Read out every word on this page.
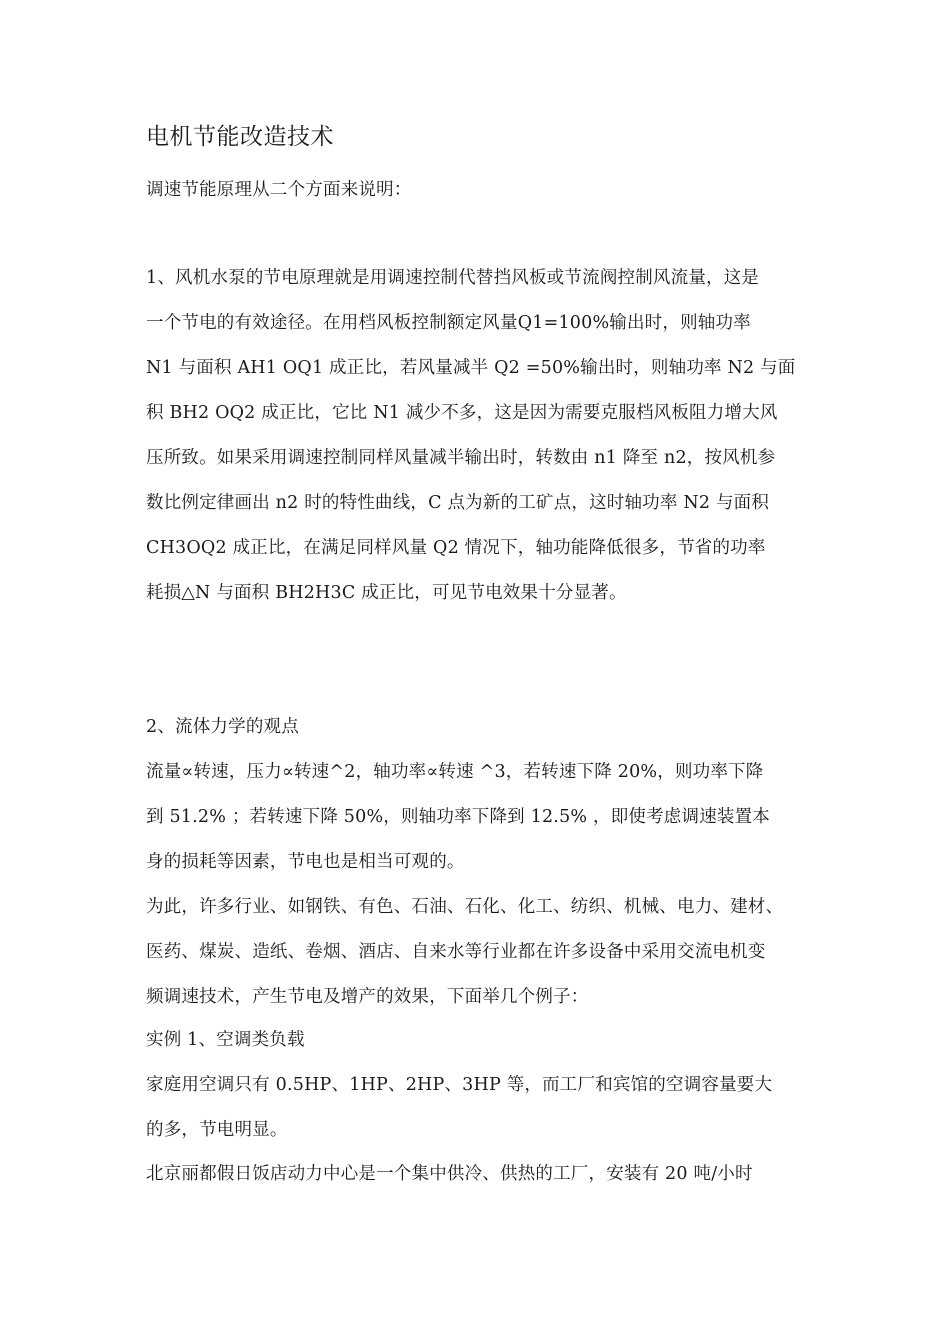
电机节能改造技术
调速节能原理从二个方面来说明：
1、风机水泵的节电原理就是用调速控制代替挡风板或节流阀控制风流量，这是
一个节电的有效途径。在用档风板控制额定风量Q1=100%输出时，则轴功率
N1 与面积 AH1 OQ1 成正比，若风量减半 Q2 =50%输出时，则轴功率 N2 与面
积 BH2 OQ2 成正比，它比 N1 减少不多，这是因为需要克服档风板阻力增大风
压所致。如果采用调速控制同样风量减半输出时，转数由 n1 降至 n2，按风机参
数比例定律画出 n2 时的特性曲线，C 点为新的工矿点，这时轴功率 N2 与面积
CH3OQ2 成正比，在满足同样风量 Q2 情况下，轴功能降低很多，节省的功率
耗损△N 与面积 BH2H3C 成正比，可见节电效果十分显著。
2、流体力学的观点
流量∝转速，压力∝转速^2，轴功率∝转速 ^3，若转速下降 20%，则功率下降
到 51.2% ；若转速下降 50%，则轴功率下降到 12.5% ，即使考虑调速装置本
身的损耗等因素，节电也是相当可观的。
为此，许多行业、如钢铁、有色、石油、石化、化工、纺织、机械、电力、建材、
医药、煤炭、造纸、卷烟、酒店、自来水等行业都在许多设备中采用交流电机变
频调速技术，产生节电及增产的效果，下面举几个例子：
实例 1、空调类负载
家庭用空调只有 0.5HP、1HP、2HP、3HP 等，而工厂和宾馆的空调容量要大
的多，节电明显。
北京丽都假日饭店动力中心是一个集中供冷、供热的工厂，安装有 20 吨/小时
